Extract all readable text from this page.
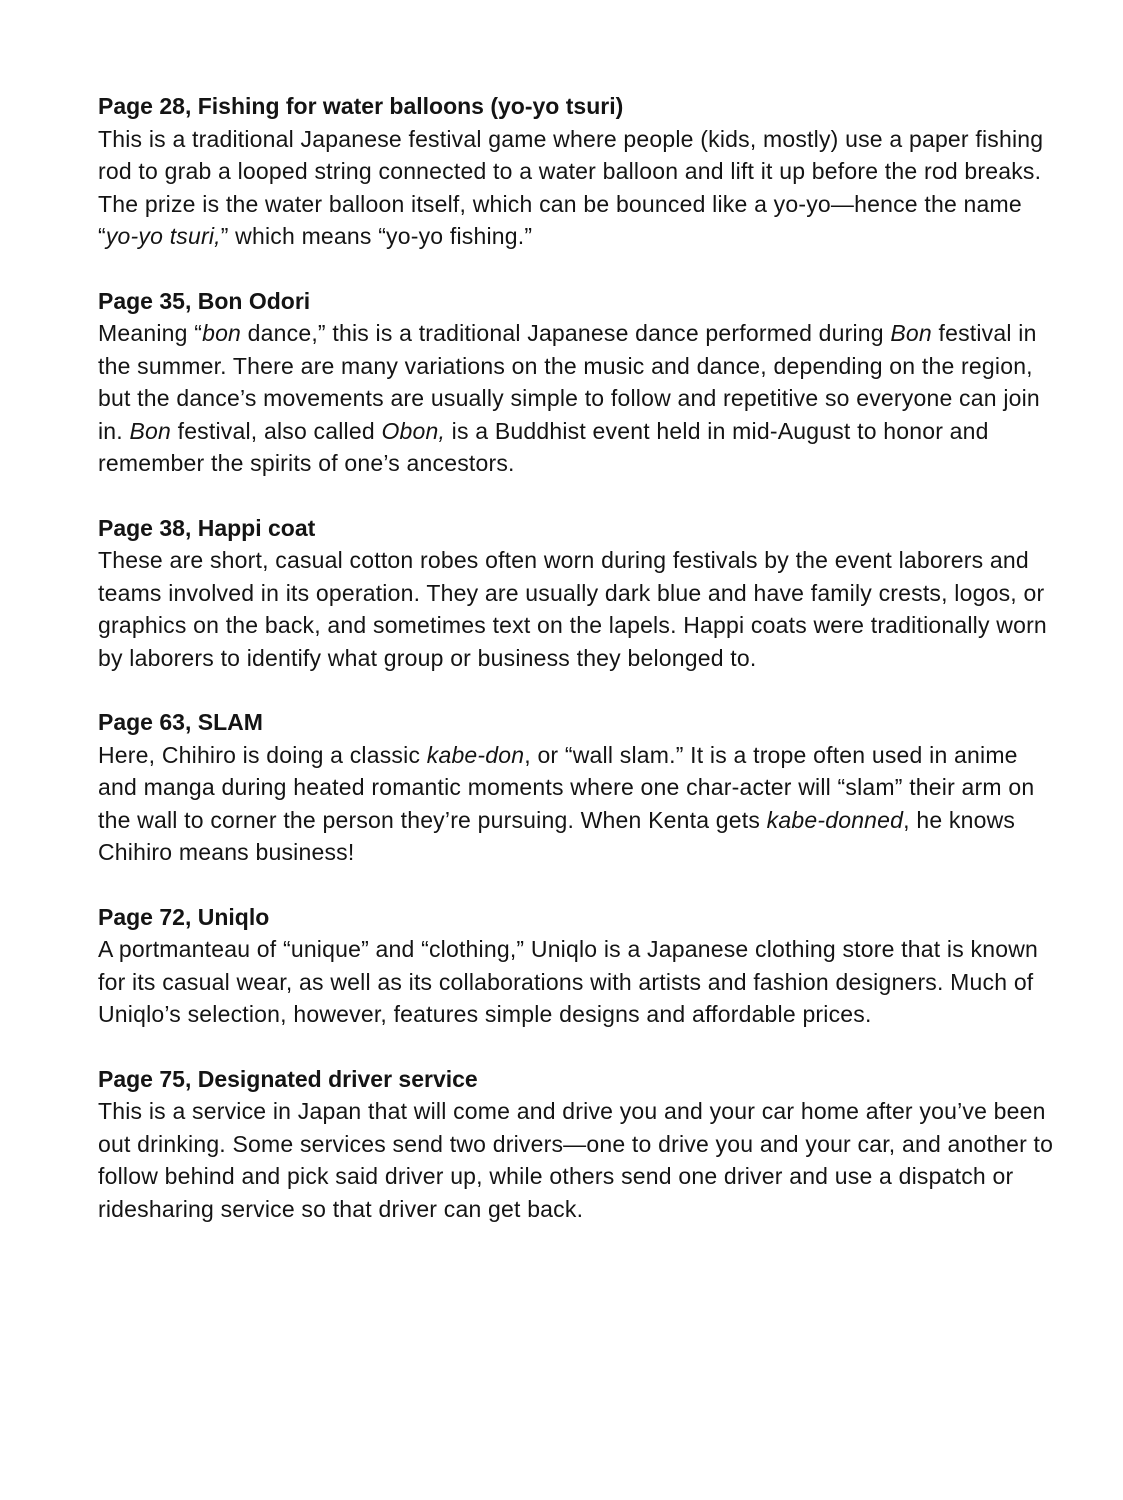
Page 28, Fishing for water balloons (yo-yo tsuri)

This is a traditional Japanese festival game where people (kids, mostly) use a paper fishing rod to grab a looped string connected to a water balloon and lift it up before the rod breaks. The prize is the water balloon itself, which can be bounced like a yo-yo—hence the name “yo-yo tsuri,” which means “yo-yo fishing.”

Page 35, Bon Odori

Meaning “bon dance,” this is a traditional Japanese dance performed during Bon festival in the summer. There are many variations on the music and dance, depending on the region, but the dance’s movements are usually simple to follow and repetitive so everyone can join in. Bon festival, also called Obon, is a Buddhist event held in mid-August to honor and remember the spirits of one’s ancestors.

Page 38, Happi coat

These are short, casual cotton robes often worn during festivals by the event laborers and teams involved in its operation. They are usually dark blue and have family crests, logos, or graphics on the back, and sometimes text on the lapels. Happi coats were traditionally worn by laborers to identify what group or business they belonged to.

Page 63, SLAM

Here, Chihiro is doing a classic kabe-don, or “wall slam.” It is a trope often used in anime and manga during heated romantic moments where one char-acter will “slam” their arm on the wall to corner the person they’re pursuing. When Kenta gets kabe-donned, he knows Chihiro means business!

Page 72, Uniqlo

A portmanteau of “unique” and “clothing,” Uniqlo is a Japanese clothing store that is known for its casual wear, as well as its collaborations with artists and fashion designers. Much of Uniqlo’s selection, however, features simple designs and affordable prices.

Page 75, Designated driver service

This is a service in Japan that will come and drive you and your car home after you’ve been out drinking. Some services send two drivers—one to drive you and your car, and another to follow behind and pick said driver up, while others send one driver and use a dispatch or ridesharing service so that driver can get back.
